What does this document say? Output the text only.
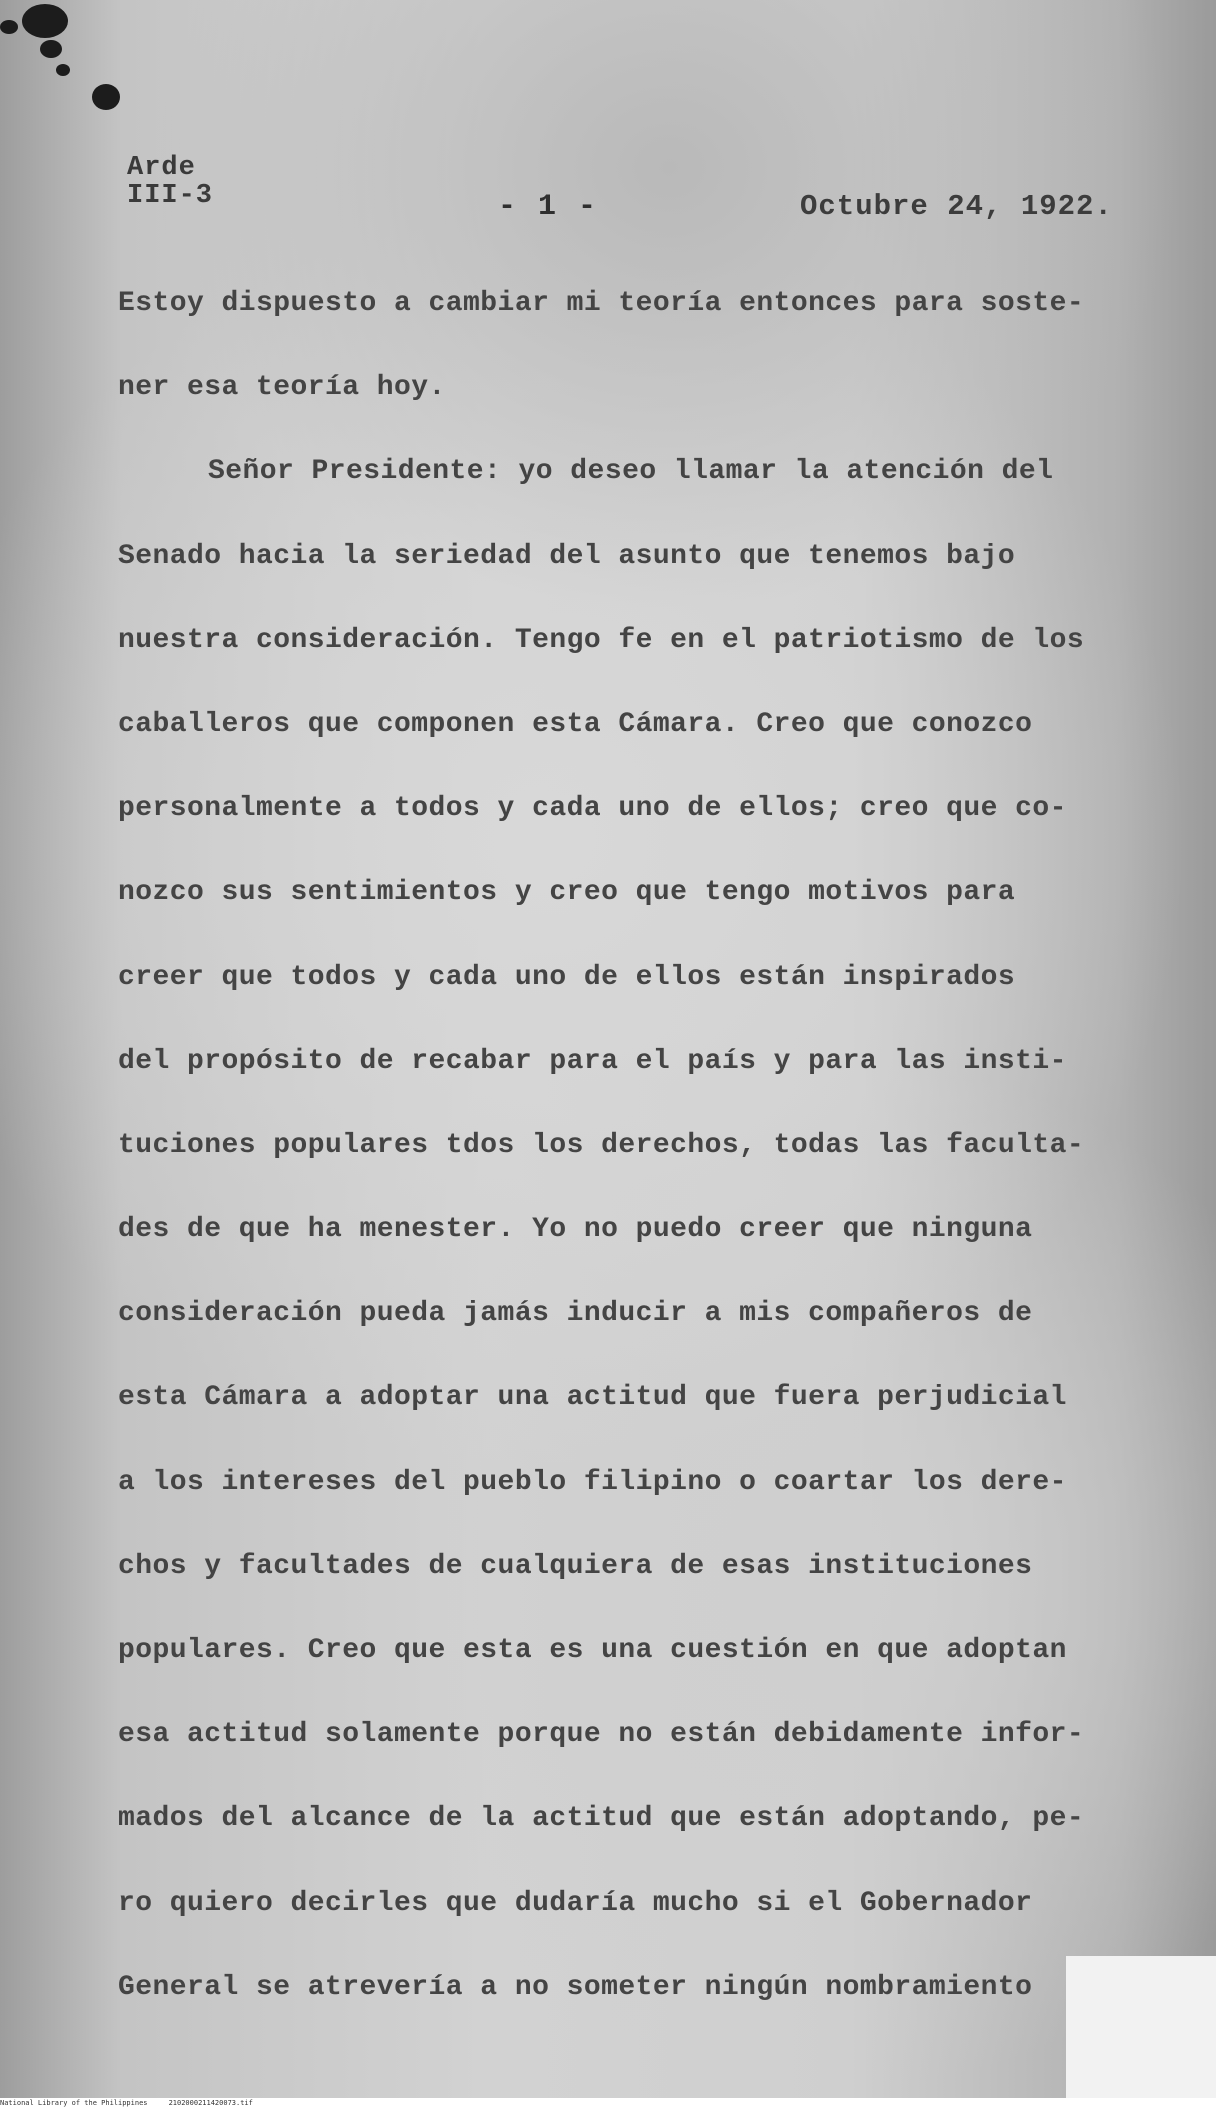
Arde
III-3	- 1 -	Octubre 24, 1922.
Estoy dispuesto a cambiar mi teoría entonces para soste-
ner esa teoría hoy.
Señor Presidente: yo deseo llamar la atención del
Senado hacia la seriedad del asunto que tenemos bajo
nuestra consideración. Tengo fe en el patriotismo de los
caballeros que componen esta Cámara. Creo que conozco
personalmente a todos y cada uno de ellos; creo que co-
nozco sus sentimientos y creo que tengo motivos para
creer que todos y cada uno de ellos están inspirados
del propósito de recabar para el país y para las insti-
tuciones populares tdos los derechos, todas las faculta-
des de que ha menester. Yo no puedo creer que ninguna
consideración pueda jamás inducir a mis compañeros de
esta Cámara a adoptar una actitud que fuera perjudicial
a los intereses del pueblo filipino o coartar los dere-
chos y facultades de cualquiera de esas instituciones
populares. Creo que esta es una cuestión en que adoptan
esa actitud solamente porque no están debidamente infor-
mados del alcance de la actitud que están adoptando, pe-
ro quiero decirles que dudaría mucho si el Gobernador
General se atrevería a no someter ningún nombramiento
National Library of the Philippines     2102000211420073.tif
